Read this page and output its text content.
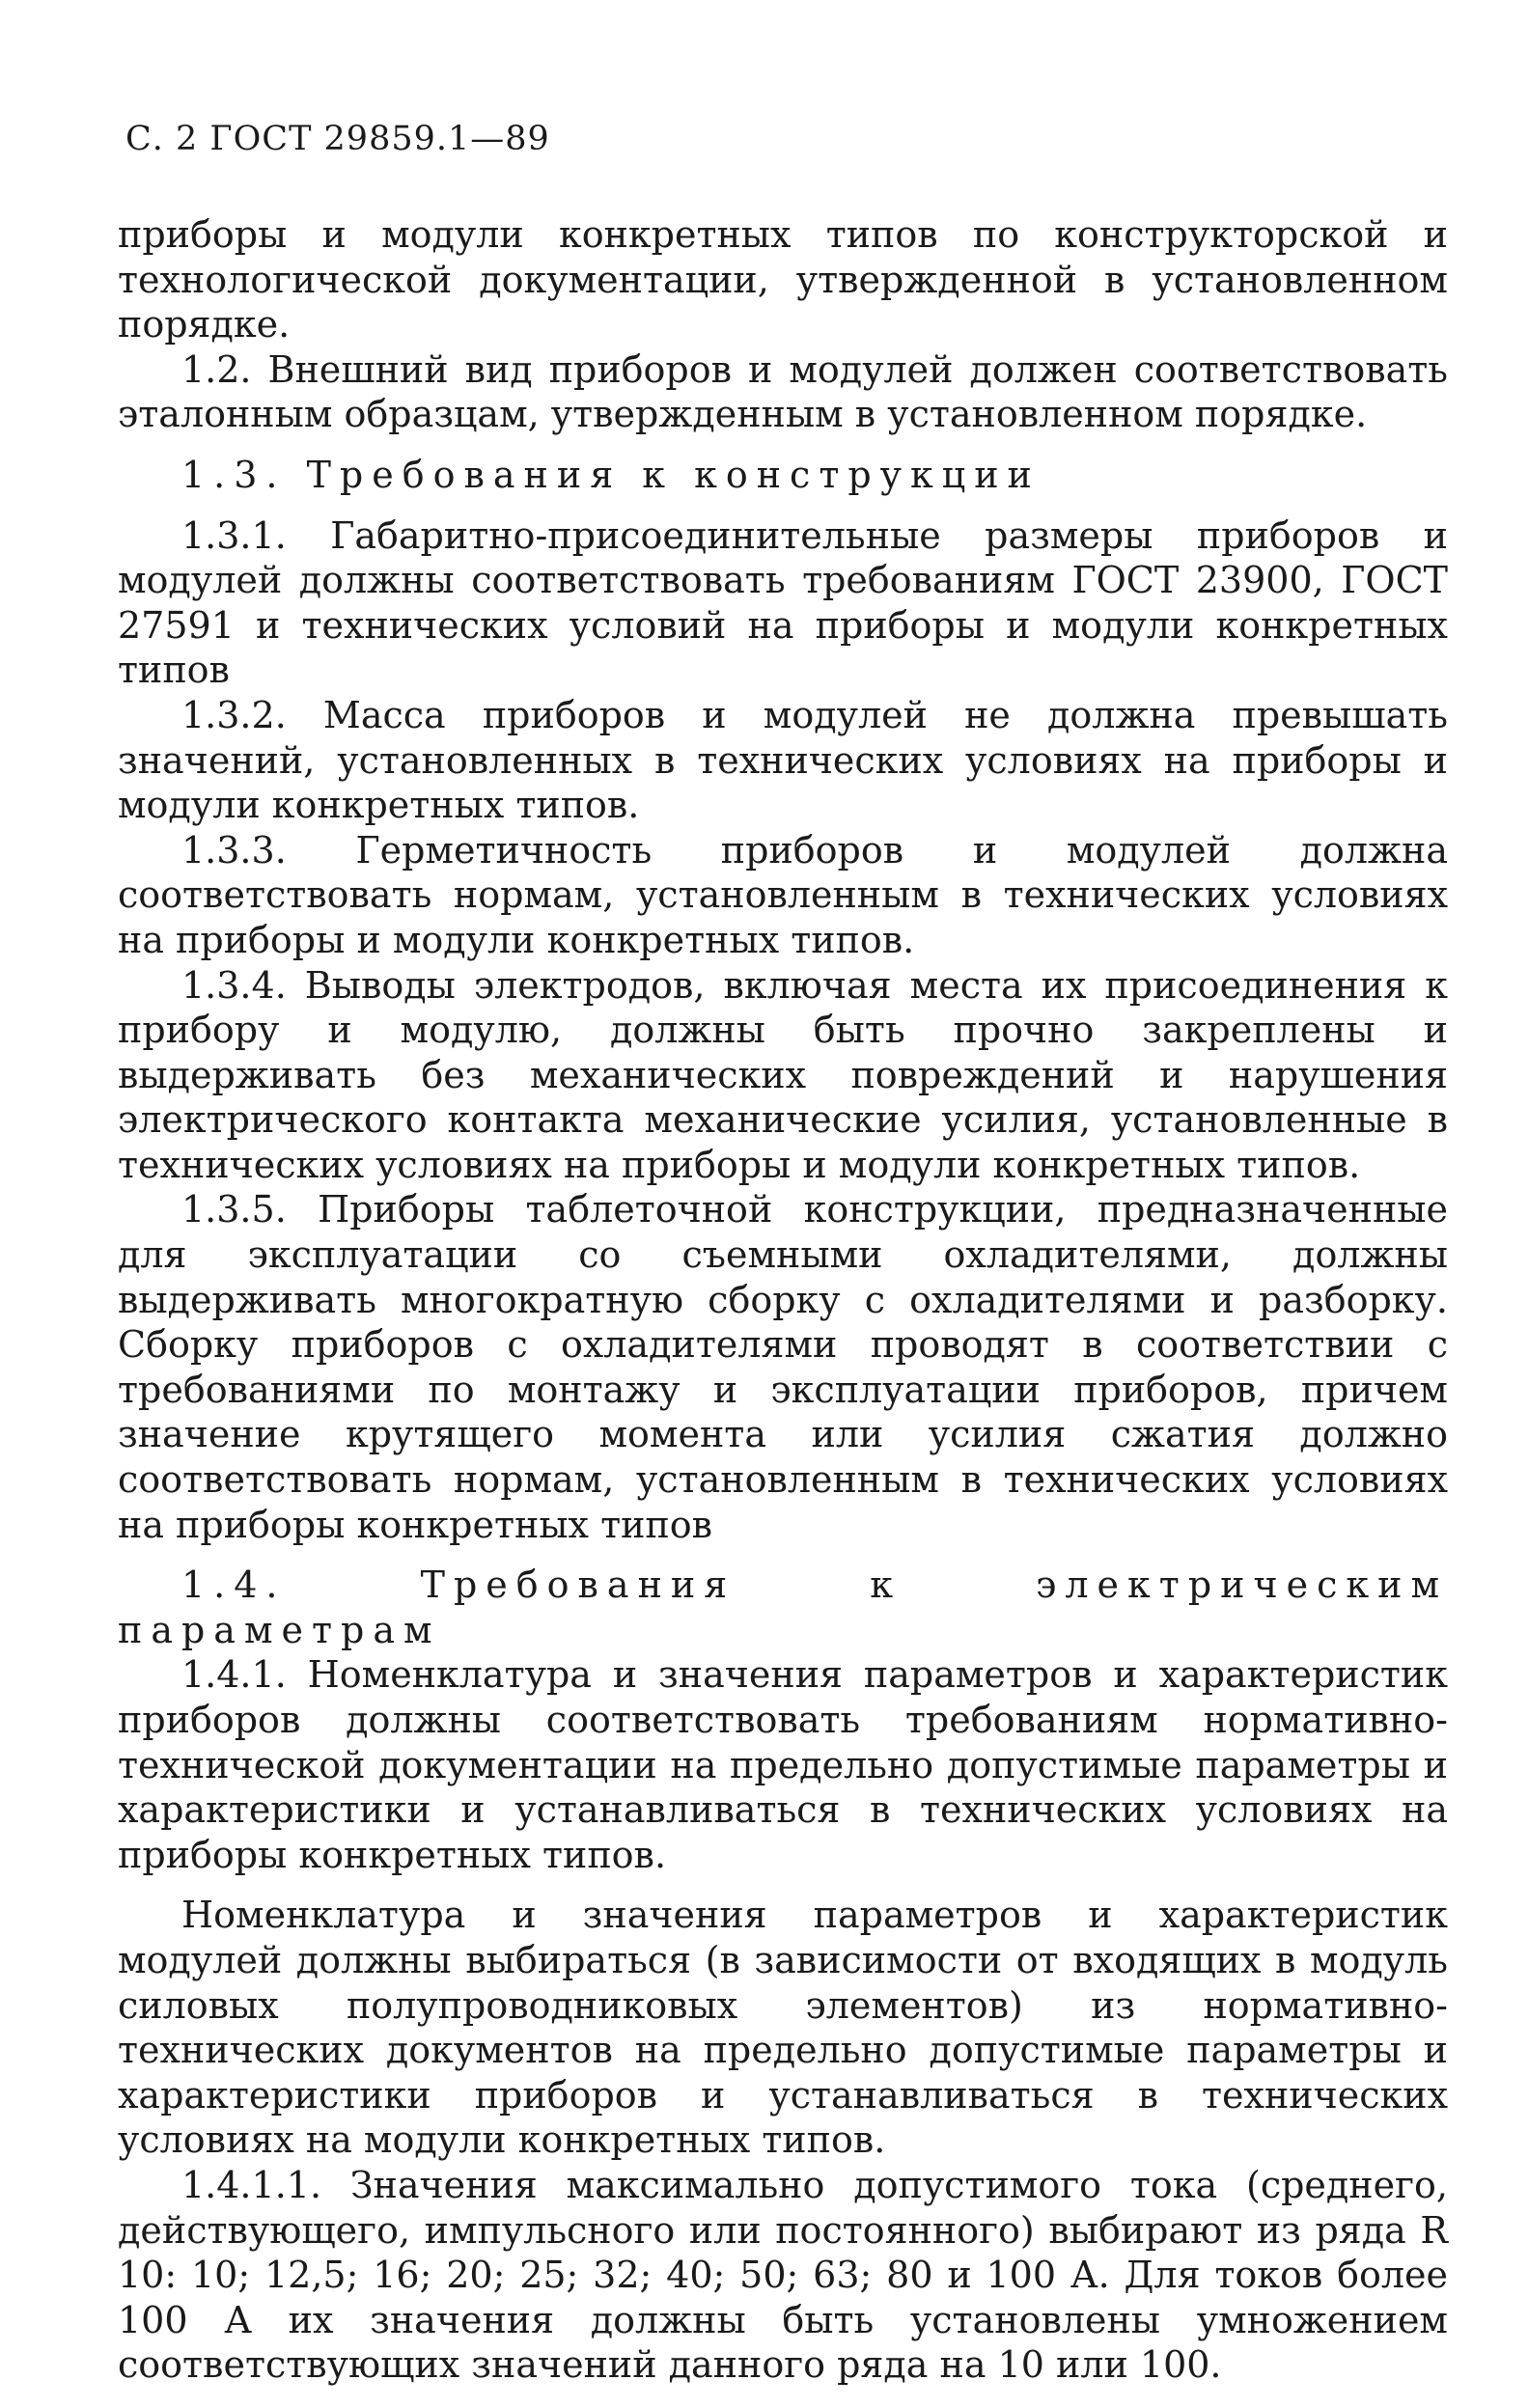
С. 2 ГОСТ 29859.1—89

приборы и модули конкретных типов по конструкторской и технологической документации, утвержденной в установленном порядке.

1.2. Внешний вид приборов и модулей должен соответствовать эталонным образцам, утвержденным в установленном порядке.

1.3. Требования к конструкции

1.3.1. Габаритно-присоединительные размеры приборов и модулей должны соответствовать требованиям ГОСТ 23900, ГОСТ 27591 и технических условий на приборы и модули конкретных типов

1.3.2. Масса приборов и модулей не должна превышать значений, установленных в технических условиях на приборы и модули конкретных типов.

1.3.3. Герметичность приборов и модулей должна соответствовать нормам, установленным в технических условиях на приборы и модули конкретных типов.

1.3.4. Выводы электродов, включая места их присоединения к прибору и модулю, должны быть прочно закреплены и выдерживать без механических повреждений и нарушения электрического контакта механические усилия, установленные в технических условиях на приборы и модули конкретных типов.

1.3.5. Приборы таблеточной конструкции, предназначенные для эксплуатации со съемными охладителями, должны выдерживать многократную сборку с охладителями и разборку. Сборку приборов с охладителями проводят в соответствии с требованиями по монтажу и эксплуатации приборов, причем значение крутящего момента или усилия сжатия должно соответствовать нормам, установленным в технических условиях на приборы конкретных типов

1.4. Требования к электрическим параметрам

1.4.1. Номенклатура и значения параметров и характеристик приборов должны соответствовать требованиям нормативно-технической документации на предельно допустимые параметры и характеристики и устанавливаться в технических условиях на приборы конкретных типов.

Номенклатура и значения параметров и характеристик модулей должны выбираться (в зависимости от входящих в модуль силовых полупроводниковых элементов) из нормативно-технических документов на предельно допустимые параметры и характеристики приборов и устанавливаться в технических условиях на модули конкретных типов.

1.4.1.1. Значения максимально допустимого тока (среднего, действующего, импульсного или постоянного) выбирают из ряда R 10: 10; 12,5; 16; 20; 25; 32; 40; 50; 63; 80 и 100 А. Для токов более 100 А их значения должны быть установлены умножением соответствующих значений данного ряда на 10 или 100.
